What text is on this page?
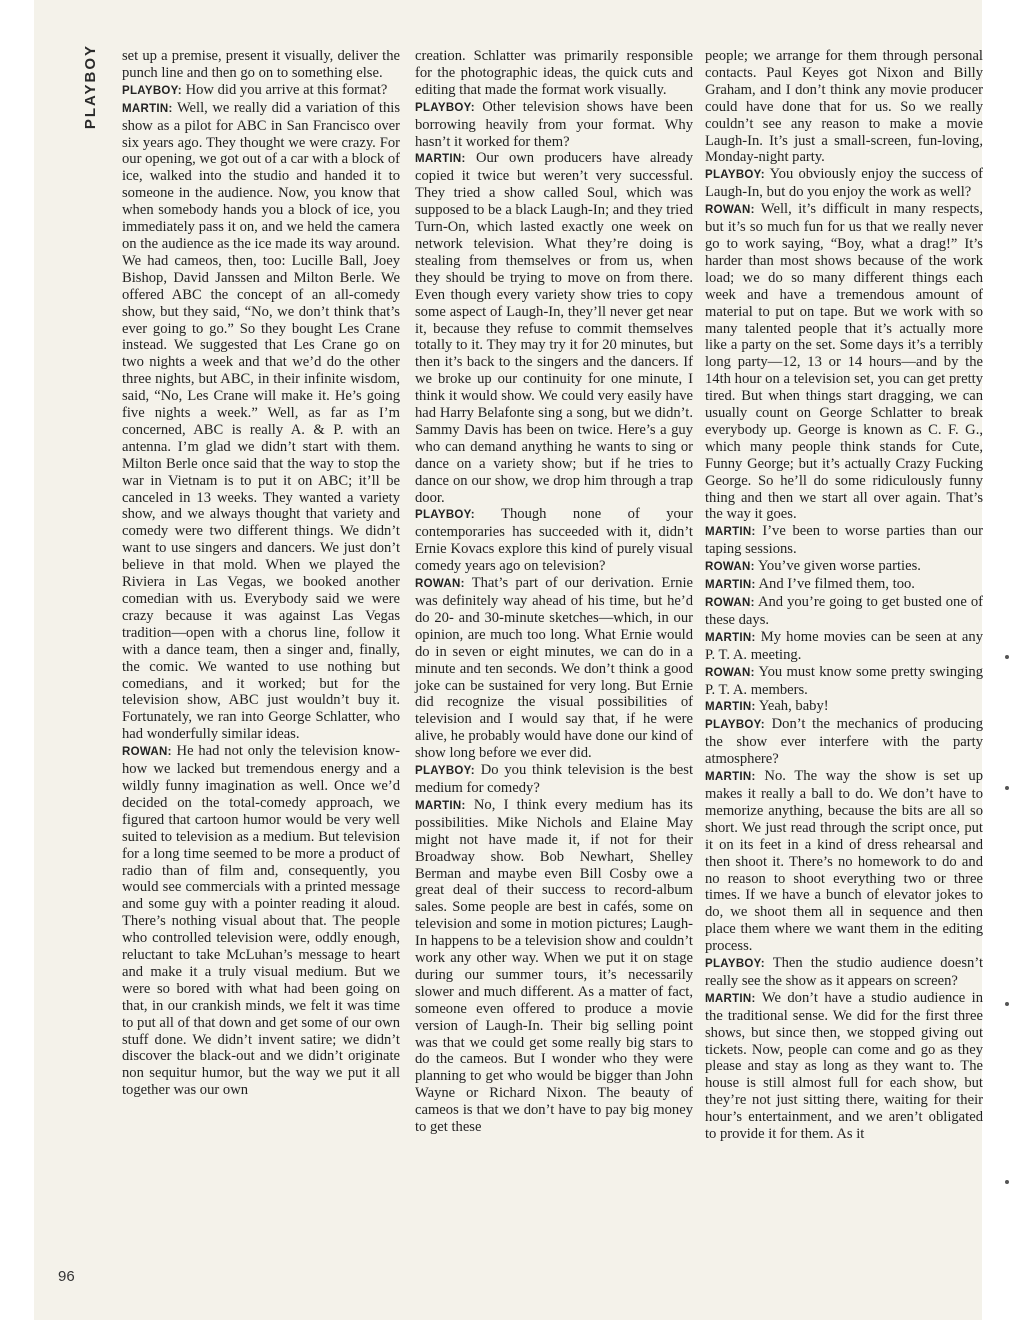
PLAYBOY
96

set up a premise, present it visually, deliver the punch line and then go on to something else.

PLAYBOY: How did you arrive at this format?

MARTIN: Well, we really did a variation of this show as a pilot for ABC in San Francisco over six years ago. They thought we were crazy. For our opening, we got out of a car with a block of ice, walked into the studio and handed it to someone in the audience. Now, you know that when somebody hands you a block of ice, you immediately pass it on, and we held the camera on the audience as the ice made its way around. We had cameos, then, too: Lucille Ball, Joey Bishop, David Janssen and Milton Berle. We offered ABC the concept of an all-comedy show, but they said, “No, we don’t think that’s ever going to go.” So they bought Les Crane instead. We suggested that Les Crane go on two nights a week and that we’d do the other three nights, but ABC, in their infinite wisdom, said, “No, Les Crane will make it. He’s going five nights a week.” Well, as far as I’m concerned, ABC is really A. & P. with an antenna. I’m glad we didn’t start with them. Milton Berle once said that the way to stop the war in Vietnam is to put it on ABC; it’ll be canceled in 13 weeks. They wanted a variety show, and we always thought that variety and comedy were two different things. We didn’t want to use singers and dancers. We just don’t believe in that mold. When we played the Riviera in Las Vegas, we booked another comedian with us. Everybody said we were crazy because it was against Las Vegas tradition—open with a chorus line, follow it with a dance team, then a singer and, finally, the comic. We wanted to use nothing but comedians, and it worked; but for the television show, ABC just wouldn’t buy it. Fortunately, we ran into George Schlatter, who had wonderfully similar ideas.

ROWAN: He had not only the television know-how we lacked but tremendous energy and a wildly funny imagination as well. Once we’d decided on the total-comedy approach, we figured that cartoon humor would be very well suited to television as a medium. But television for a long time seemed to be more a product of radio than of film and, consequently, you would see commercials with a printed message and some guy with a pointer reading it aloud. There’s nothing visual about that. The people who controlled television were, oddly enough, reluctant to take McLuhan’s message to heart and make it a truly visual medium. But we were so bored with what had been going on that, in our crankish minds, we felt it was time to put all of that down and get some of our own stuff done. We didn’t invent satire; we didn’t discover the black-out and we didn’t originate non sequitur humor, but the way we put it all together was our own

creation. Schlatter was primarily responsible for the photographic ideas, the quick cuts and editing that made the format work visually.

PLAYBOY: Other television shows have been borrowing heavily from your format. Why hasn’t it worked for them?

MARTIN: Our own producers have already copied it twice but weren’t very successful. They tried a show called Soul, which was supposed to be a black Laugh-In; and they tried Turn-On, which lasted exactly one week on network television. What they’re doing is stealing from themselves or from us, when they should be trying to move on from there. Even though every variety show tries to copy some aspect of Laugh-In, they’ll never get near it, because they refuse to commit themselves totally to it. They may try it for 20 minutes, but then it’s back to the singers and the dancers. If we broke up our continuity for one minute, I think it would show. We could very easily have had Harry Belafonte sing a song, but we didn’t. Sammy Davis has been on twice. Here’s a guy who can demand anything he wants to sing or dance on a variety show; but if he tries to dance on our show, we drop him through a trap door.

PLAYBOY: Though none of your contemporaries has succeeded with it, didn’t Ernie Kovacs explore this kind of purely visual comedy years ago on television?

ROWAN: That’s part of our derivation. Ernie was definitely way ahead of his time, but he’d do 20- and 30-minute sketches—which, in our opinion, are much too long. What Ernie would do in seven or eight minutes, we can do in a minute and ten seconds. We don’t think a good joke can be sustained for very long. But Ernie did recognize the visual possibilities of television and I would say that, if he were alive, he probably would have done our kind of show long before we ever did.

PLAYBOY: Do you think television is the best medium for comedy?

MARTIN: No, I think every medium has its possibilities. Mike Nichols and Elaine May might not have made it, if not for their Broadway show. Bob Newhart, Shelley Berman and maybe even Bill Cosby owe a great deal of their success to record-album sales. Some people are best in cafés, some on television and some in motion pictures; Laugh-In happens to be a television show and couldn’t work any other way. When we put it on stage during our summer tours, it’s necessarily slower and much different. As a matter of fact, someone even offered to produce a movie version of Laugh-In. Their big selling point was that we could get some really big stars to do the cameos. But I wonder who they were planning to get who would be bigger than John Wayne or Richard Nixon. The beauty of cameos is that we don’t have to pay big money to get these

people; we arrange for them through personal contacts. Paul Keyes got Nixon and Billy Graham, and I don’t think any movie producer could have done that for us. So we really couldn’t see any reason to make a movie Laugh-In. It’s just a small-screen, fun-loving, Monday-night party.

PLAYBOY: You obviously enjoy the success of Laugh-In, but do you enjoy the work as well?

ROWAN: Well, it’s difficult in many respects, but it’s so much fun for us that we really never go to work saying, “Boy, what a drag!” It’s harder than most shows because of the work load; we do so many different things each week and have a tremendous amount of material to put on tape. But we work with so many talented people that it’s actually more like a party on the set. Some days it’s a terribly long party—12, 13 or 14 hours—and by the 14th hour on a television set, you can get pretty tired. But when things start dragging, we can usually count on George Schlatter to break everybody up. George is known as C. F. G., which many people think stands for Cute, Funny George; but it’s actually Crazy Fucking George. So he’ll do some ridiculously funny thing and then we start all over again. That’s the way it goes.

MARTIN: I’ve been to worse parties than our taping sessions.

ROWAN: You’ve given worse parties.

MARTIN: And I’ve filmed them, too.

ROWAN: And you’re going to get busted one of these days.

MARTIN: My home movies can be seen at any P. T. A. meeting.

ROWAN: You must know some pretty swinging P. T. A. members.

MARTIN: Yeah, baby!

PLAYBOY: Don’t the mechanics of producing the show ever interfere with the party atmosphere?

MARTIN: No. The way the show is set up makes it really a ball to do. We don’t have to memorize anything, because the bits are all so short. We just read through the script once, put it on its feet in a kind of dress rehearsal and then shoot it. There’s no homework to do and no reason to shoot everything two or three times. If we have a bunch of elevator jokes to do, we shoot them all in sequence and then place them where we want them in the editing process.

PLAYBOY: Then the studio audience doesn’t really see the show as it appears on screen?

MARTIN: We don’t have a studio audience in the traditional sense. We did for the first three shows, but since then, we stopped giving out tickets. Now, people can come and go as they please and stay as long as they want to. The house is still almost full for each show, but they’re not just sitting there, waiting for their hour’s entertainment, and we aren’t obligated to provide it for them. As it
